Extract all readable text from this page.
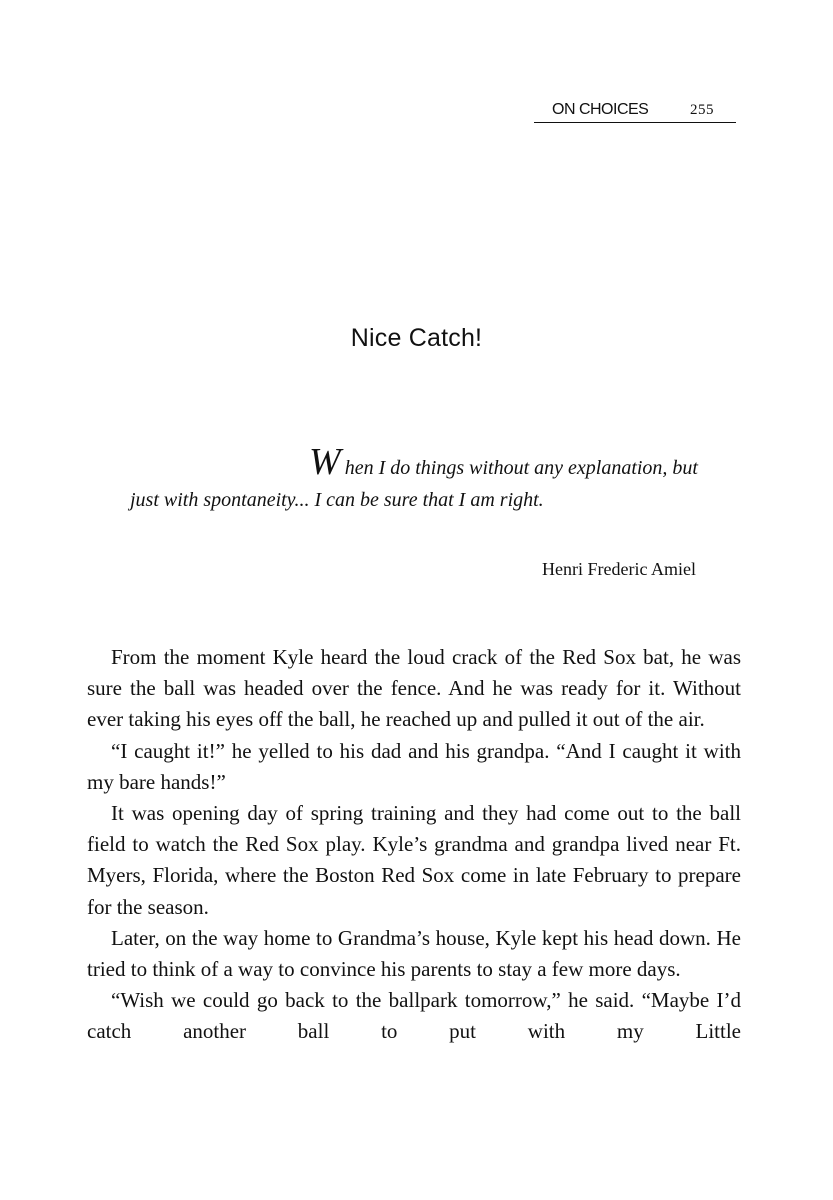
ON CHOICES	255
Nice Catch!
When I do things without any explanation, but
just with spontaneity... I can be sure that I am right.
Henri Frederic Amiel

From the moment Kyle heard the loud crack of the Red Sox bat, he was sure the ball was headed over the fence. And he was ready for it. Without ever taking his eyes off the ball, he reached up and pulled it out of the air.

“I caught it!” he yelled to his dad and his grandpa. “And I caught it with my bare hands!”

It was opening day of spring training and they had come out to the ball field to watch the Red Sox play. Kyle’s grandma and grandpa lived near Ft. Myers, Florida, where the Boston Red Sox come in late February to prepare for the season.

Later, on the way home to Grandma’s house, Kyle kept his head down. He tried to think of a way to convince his parents to stay a few more days.

“Wish we could go back to the ballpark tomorrow,” he said. “Maybe I’d catch another ball to put with my Little
